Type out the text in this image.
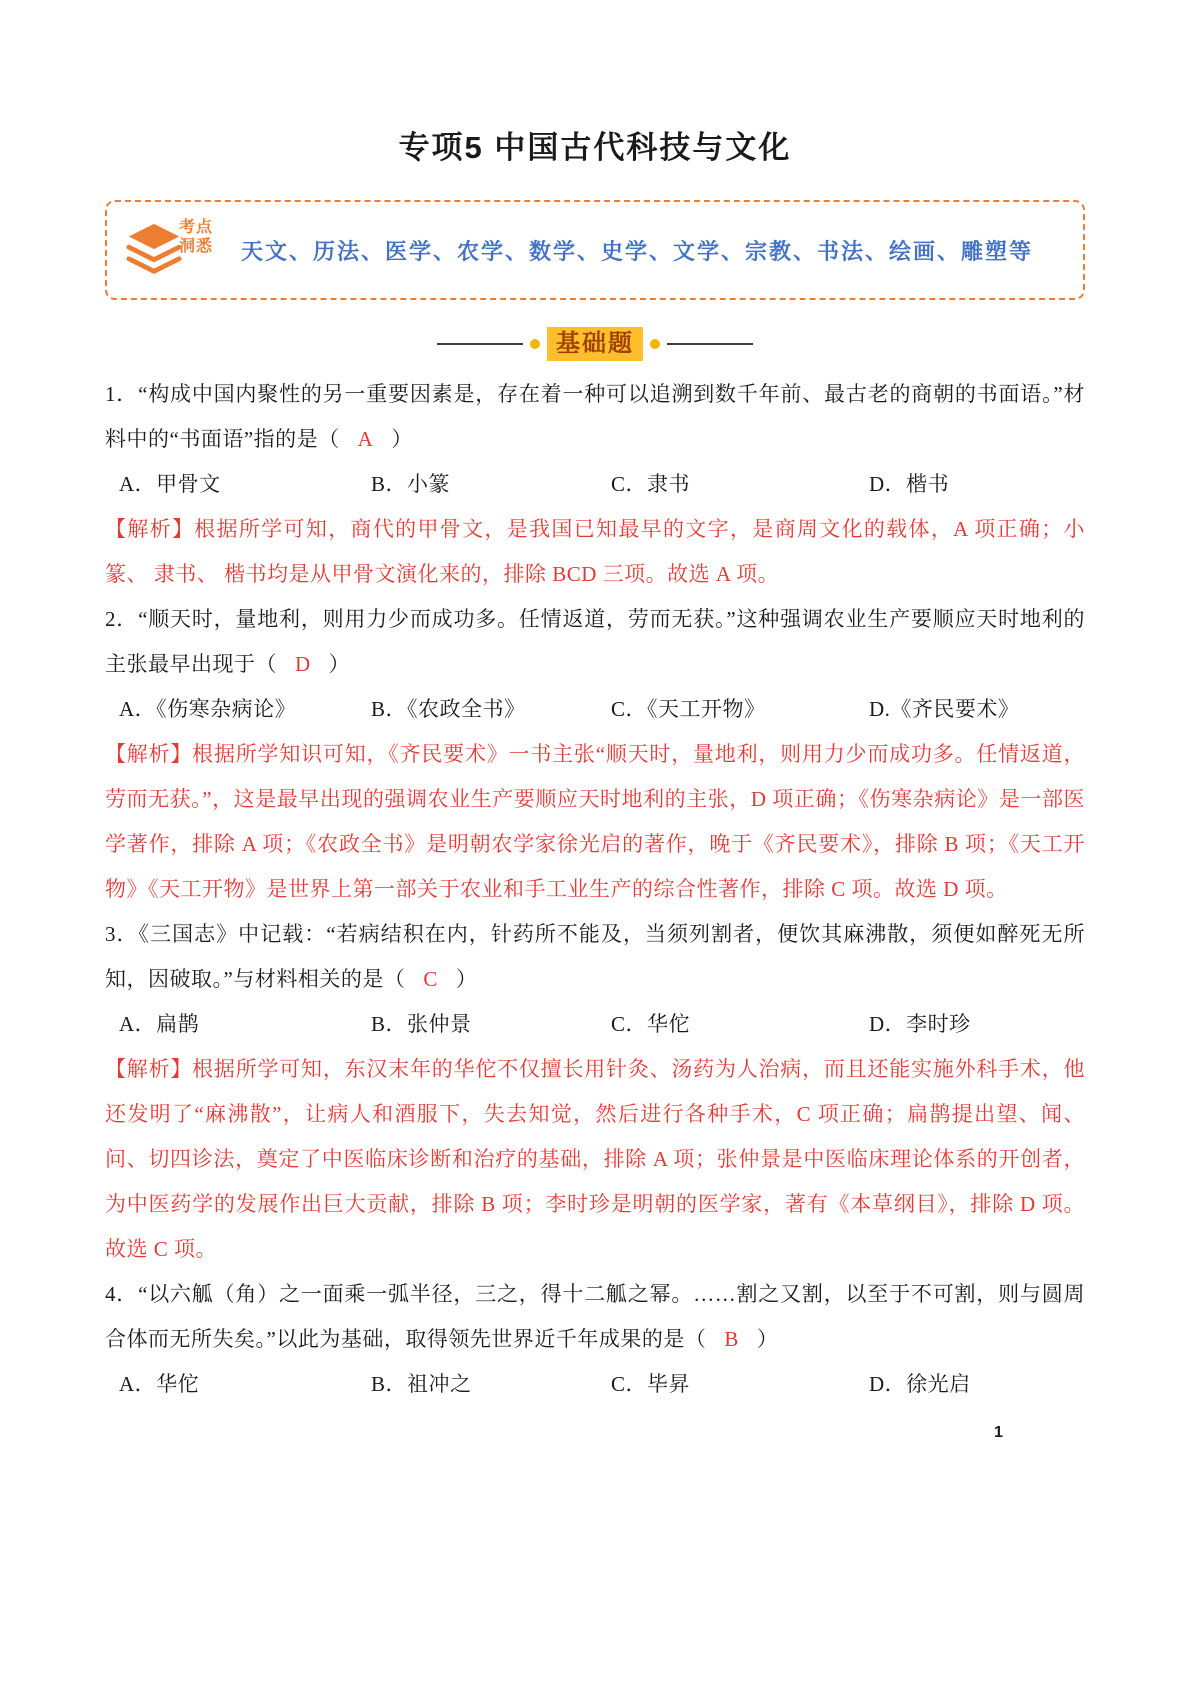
专项5 中国古代科技与文化
考点
洞悉 天文、历法、医学、农学、数学、史学、文学、宗教、书法、绘画、雕塑等
基础题

1．“构成中国内聚性的另一重要因素是，存在着一种可以追溯到数千年前、最古老的商朝的书面语。”材料中的“书面语”指的是（ A ）

A．甲骨文	B．小篆	C．隶书	D．楷书

【解析】根据所学可知，商代的甲骨文，是我国已知最早的文字，是商周文化的载体，A 项正确；小篆、 隶书、 楷书均是从甲骨文演化来的，排除 BCD 三项。故选 A 项。

2．“顺天时，量地利，则用力少而成功多。任情返道，劳而无获。”这种强调农业生产要顺应天时地利的主张最早出现于（ D ）

A．《伤寒杂病论》	B．《农政全书》	C．《天工开物》	D.《齐民要术》

【解析】根据所学知识可知，《齐民要术》一书主张“顺天时，量地利，则用力少而成功多。任情返道，劳而无获。”，这是最早出现的强调农业生产要顺应天时地利的主张，D 项正确；《伤寒杂病论》是一部医学著作，排除 A 项；《农政全书》是明朝农学家徐光启的著作，晚于《齐民要术》，排除 B 项；《天工开物》《天工开物》是世界上第一部关于农业和手工业生产的综合性著作，排除 C 项。故选 D 项。

3．《三国志》中记载：“若病结积在内，针药所不能及，当须列割者，便饮其麻沸散，须便如醉死无所知，因破取。”与材料相关的是（ C ）

A．扁鹊	B．张仲景	C．华佗	D．李时珍

【解析】根据所学可知，东汉末年的华佗不仅擅长用针灸、汤药为人治病，而且还能实施外科手术，他还发明了“麻沸散”，让病人和酒服下，失去知觉，然后进行各种手术，C 项正确；扁鹊提出望、闻、问、切四诊法，奠定了中医临床诊断和治疗的基础，排除 A 项；张仲景是中医临床理论体系的开创者，为中医药学的发展作出巨大贡献，排除 B 项；李时珍是明朝的医学家，著有《本草纲目》，排除 D 项。故选 C 项。

4．“以六觚（角）之一面乘一弧半径，三之，得十二觚之幂。……割之又割，以至于不可割，则与圆周合体而无所失矣。”以此为基础，取得领先世界近千年成果的是（ B ）

A．华佗	B．祖冲之	C．毕昇	D．徐光启
1
